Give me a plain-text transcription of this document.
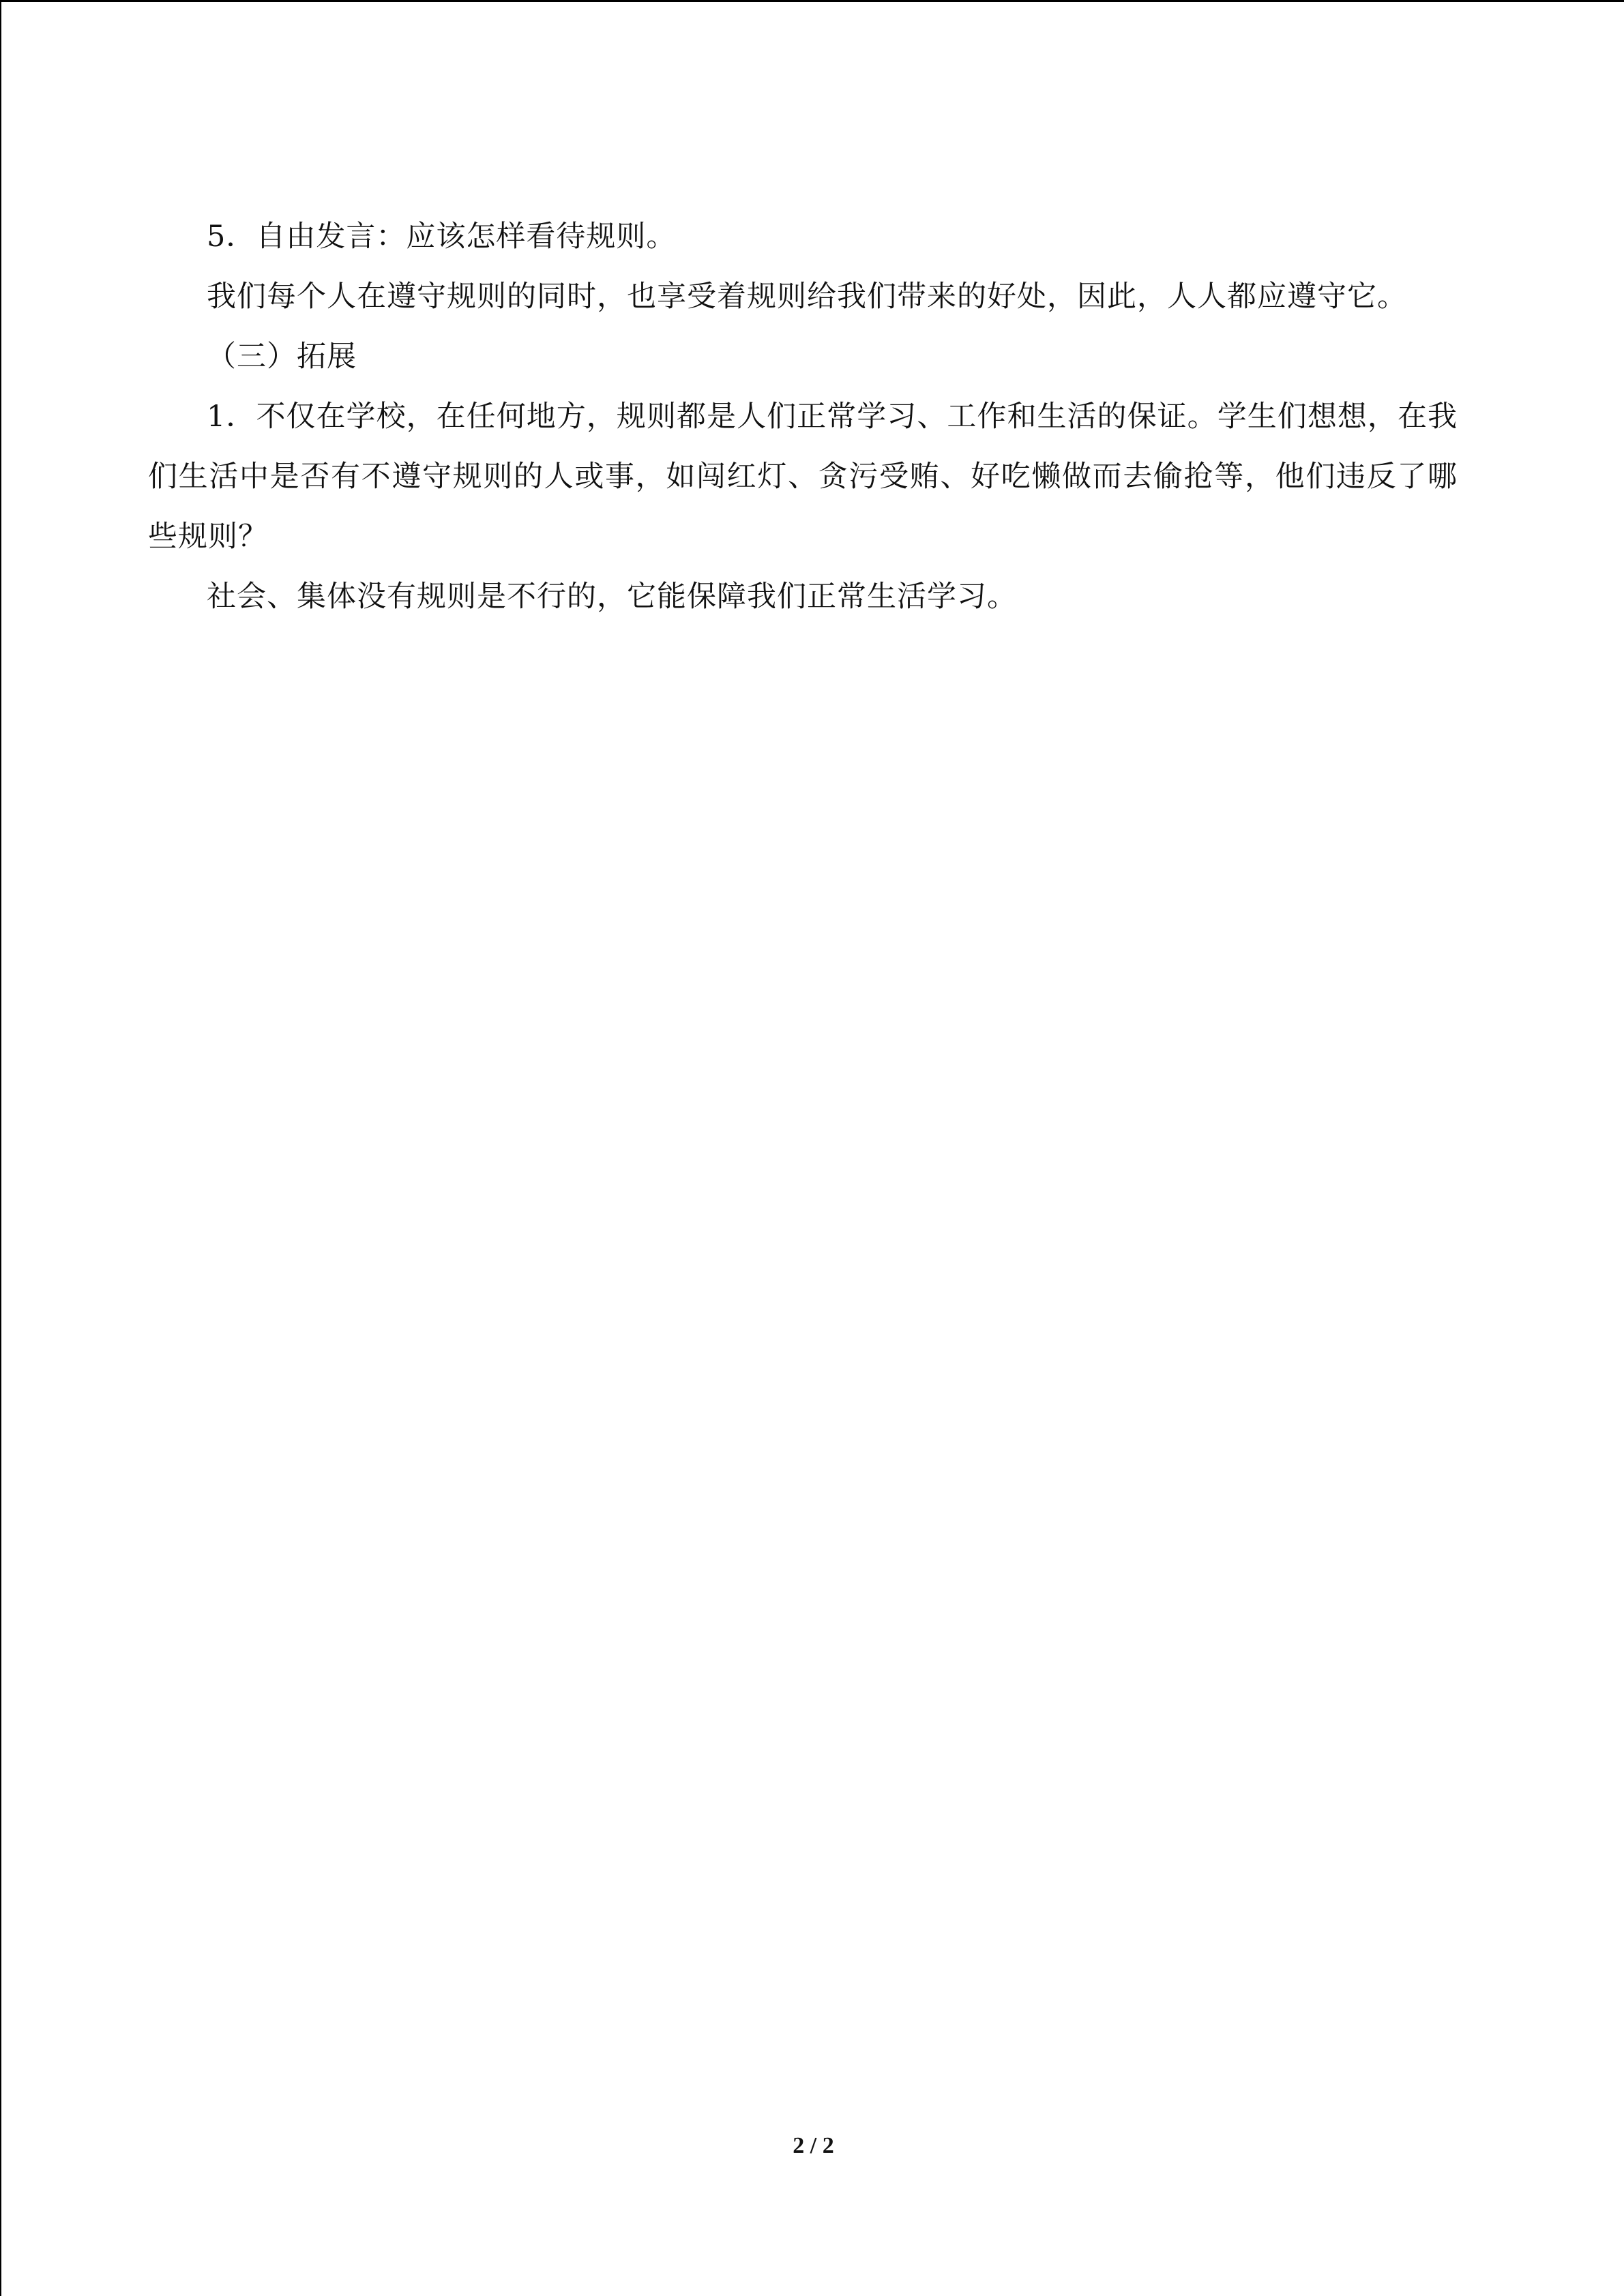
5．自由发言：应该怎样看待规则。

我们每个人在遵守规则的同时，也享受着规则给我们带来的好处，因此，人人都应遵守它。

（三）拓展

1．不仅在学校，在任何地方，规则都是人们正常学习、工作和生活的保证。学生们想想，在我们生活中是否有不遵守规则的人或事，如闯红灯、贪污受贿、好吃懒做而去偷抢等，他们违反了哪些规则？

社会、集体没有规则是不行的，它能保障我们正常生活学习。

2 / 2
